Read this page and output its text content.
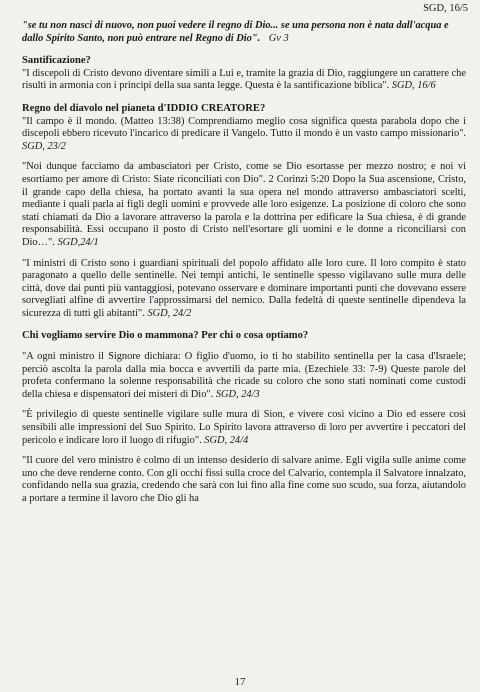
SGD, 16/5
"se tu non nasci di nuovo, non puoi vedere il regno di Dio... se una persona non è nata dall'acqua e dallo Spirito Santo, non può entrare nel Regno di Dio". Gv 3
Santificazione?

"I discepoli di Cristo devono diventare simili a Lui e, tramite la grazia di Dio, raggiungere un carattere che risulti in armonia con i princìpi della sua santa legge. Questa è la santificazione biblica". SGD, 16/6

Regno del diavolo nel pianeta d'IDDIO CREATORE?

"Il campo è il mondo. (Matteo 13:38) Comprendiamo meglio cosa significa questa parabola dopo che i discepoli ebbero ricevuto l'incarico di predicare il Vangelo. Tutto il mondo è un vasto campo missionario". SGD, 23/2

"Noi dunque facciamo da ambasciatori per Cristo, come se Dio esortasse per mezzo nostro; e noi vi esortiamo per amore di Cristo: Siate riconciliati con Dio". 2 Corinzi 5:20 Dopo la Sua ascensione, Cristo, il grande capo della chiesa, ha portato avanti la sua opera nel mondo attraverso ambasciatori scelti, mediante i quali parla ai figli degli uomini e provvede alle loro esigenze. La posizione di coloro che sono stati chiamati da Dio a lavorare attraverso la parola e la dottrina per edificare la Sua chiesa, è di grande responsabilità. Essi occupano il posto di Cristo nell'esortare gli uomini e le donne a riconciliarsi con Dio…". SGD,24/1

"I ministri di Cristo sono i guardiani spirituali del popolo affidato alle loro cure. Il loro compito è stato paragonato a quello delle sentinelle. Nei tempi antichi, le sentinelle spesso vigilavano sulle mura delle città, dove dai punti più vantaggiosi, potevano osservare e dominare importanti punti che dovevano essere sorvegliati alfine di avvertire l'approssimarsi del nemico. Dalla fedeltà di queste sentinelle dipendeva la sicurezza di tutti gli abitanti". SGD, 24/2

Chi vogliamo servire Dio o mammona? Per chi o cosa optiamo?

"A ogni ministro il Signore dichiara: O figlio d'uomo, io ti ho stabilito sentinella per la casa d'Israele; perciò ascolta la parola dalla mia bocca e avvertili da parte mia. (Ezechiele 33: 7-9) Queste parole del profeta confermano la solenne responsabilità che ricade su coloro che sono stati nominati come custodi della chiesa e dispensatori dei misteri di Dio". SGD, 24/3

"È privilegio di queste sentinelle vigilare sulle mura di Sion, e vivere così vicino a Dio ed essere così sensibili alle impressioni del Suo Spirito. Lo Spirito lavora attraverso di loro per avvertire i peccatori del pericolo e indicare loro il luogo di rifugio". SGD, 24/4

"Il cuore del vero ministro è colmo di un intenso desiderio di salvare anime. Egli vigila sulle anime come uno che deve renderne conto. Con gli occhi fissi sulla croce del Calvario, contempla il Salvatore innalzato, confidando nella sua grazia, credendo che sarà con lui fino alla fine come suo scudo, sua forza, aiutandolo a portare a termine il lavoro che Dio gli ha

17
